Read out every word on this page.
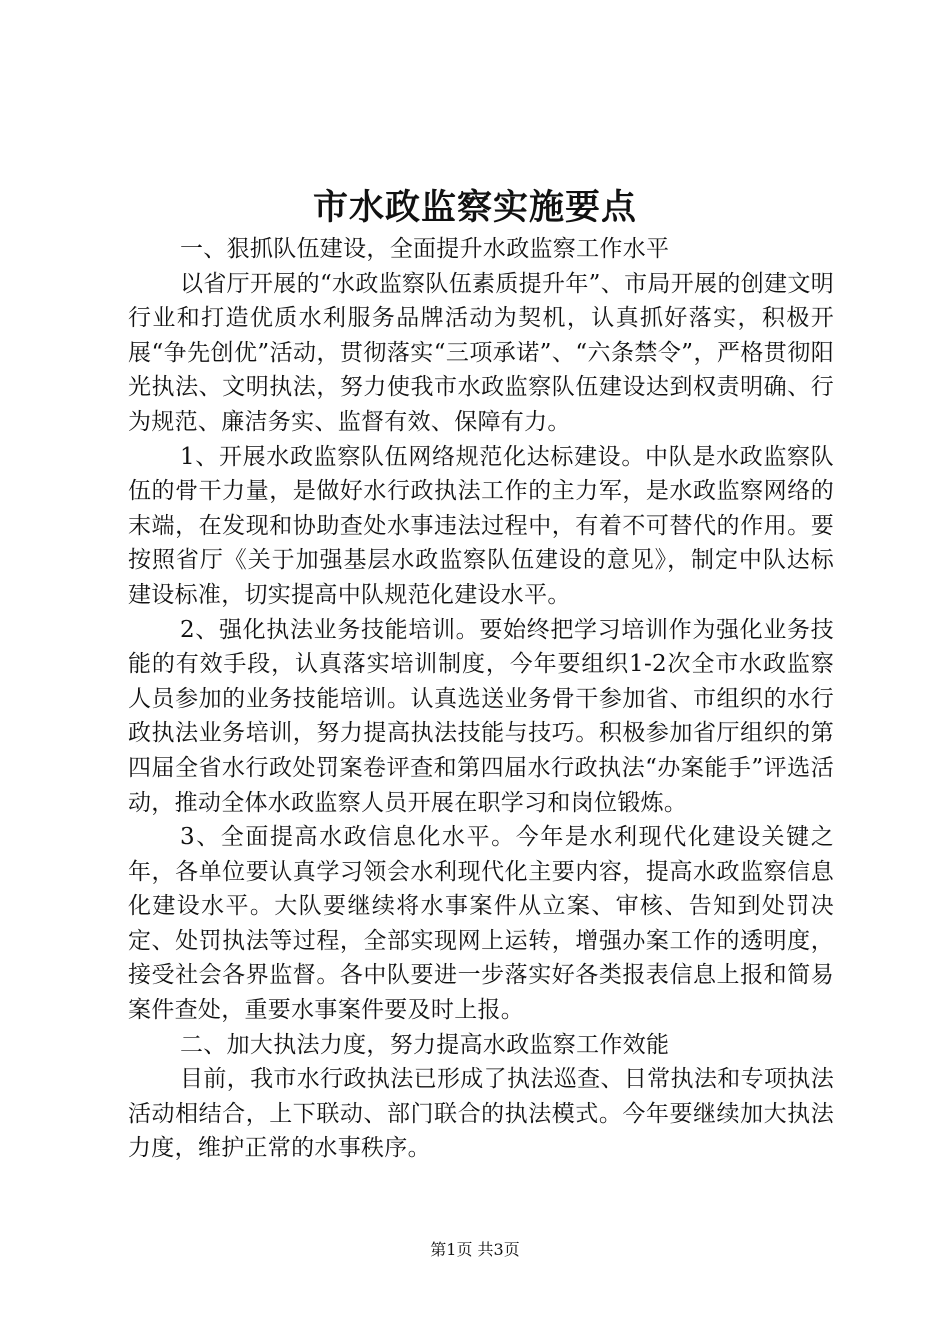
市水政监察实施要点

一、狠抓队伍建设，全面提升水政监察工作水平

以省厅开展的“水政监察队伍素质提升年”、市局开展的创建文明行业和打造优质水利服务品牌活动为契机，认真抓好落实，积极开展“争先创优”活动，贯彻落实“三项承诺”、“六条禁令”，严格贯彻阳光执法、文明执法，努力使我市水政监察队伍建设达到权责明确、行为规范、廉洁务实、监督有效、保障有力。

1、开展水政监察队伍网络规范化达标建设。中队是水政监察队伍的骨干力量，是做好水行政执法工作的主力军，是水政监察网络的末端，在发现和协助查处水事违法过程中，有着不可替代的作用。要按照省厅《关于加强基层水政监察队伍建设的意见》，制定中队达标建设标准，切实提高中队规范化建设水平。

2、强化执法业务技能培训。要始终把学习培训作为强化业务技能的有效手段，认真落实培训制度，今年要组织1-2次全市水政监察人员参加的业务技能培训。认真选送业务骨干参加省、市组织的水行政执法业务培训，努力提高执法技能与技巧。积极参加省厅组织的第四届全省水行政处罚案卷评查和第四届水行政执法“办案能手”评选活动，推动全体水政监察人员开展在职学习和岗位锻炼。

3、全面提高水政信息化水平。今年是水利现代化建设关键之年，各单位要认真学习领会水利现代化主要内容，提高水政监察信息化建设水平。大队要继续将水事案件从立案、审核、告知到处罚决定、处罚执法等过程，全部实现网上运转，增强办案工作的透明度，接受社会各界监督。各中队要进一步落实好各类报表信息上报和简易案件查处，重要水事案件要及时上报。

二、加大执法力度，努力提高水政监察工作效能

目前，我市水行政执法已形成了执法巡查、日常执法和专项执法活动相结合，上下联动、部门联合的执法模式。今年要继续加大执法力度，维护正常的水事秩序。

第1页 共3页
